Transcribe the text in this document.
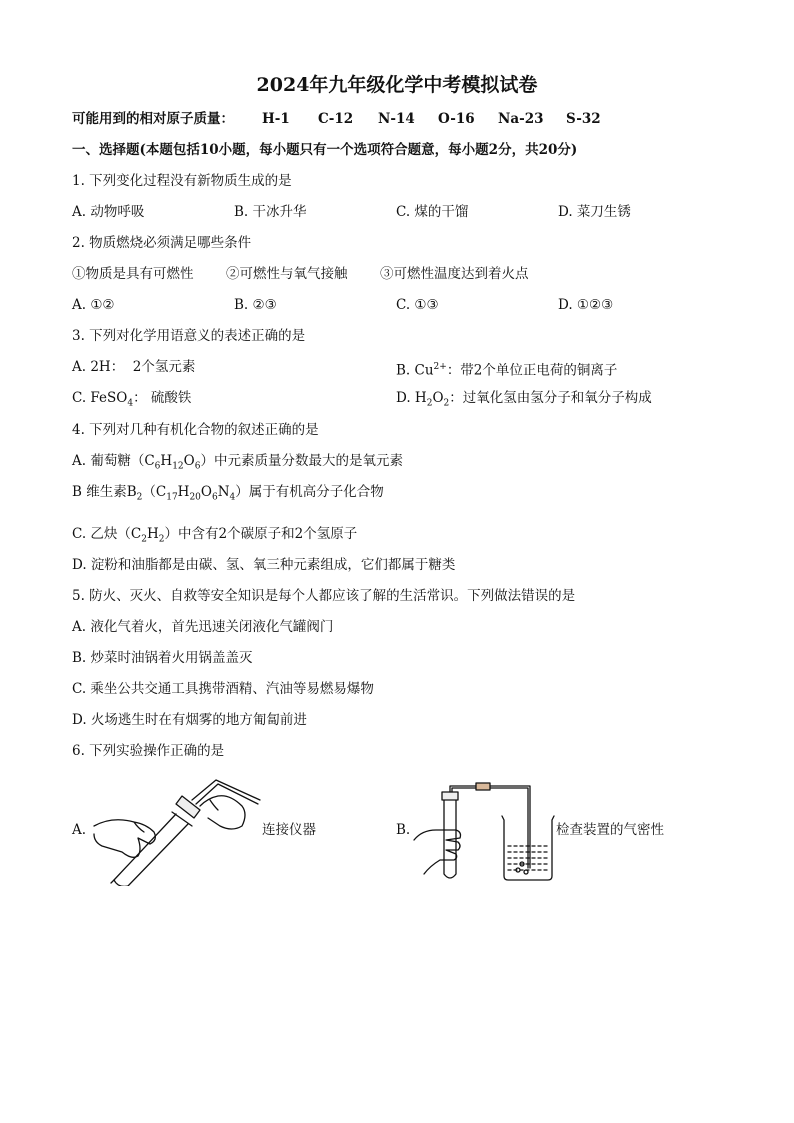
2024年九年级化学中考模拟试卷
可能用到的相对原子质量： H-1 C-12 N-14 O-16 Na-23 S-32
一、选择题(本题包括10小题，每小题只有一个选项符合题意，每小题2分，共20分)
1. 下列变化过程没有新物质生成的是
A. 动物呼吸	B. 干冰升华	C. 煤的干馏	D. 菜刀生锈
2. 物质燃烧必须满足哪些条件
①物质是具有可燃性 ②可燃性与氧气接触 ③可燃性温度达到着火点
A. ①②	B. ②③	C. ①③	D. ①②③
3. 下列对化学用语意义的表述正确的是
A. 2H： 2个氢元素	B. $Cu^{2+}$：带2个单位正电荷的铜离子
C. FeSO$_4$： 硫酸铁	D. $H_2O_2$：过氧化氢由氢分子和氧分子构成
4. 下列对几种有机化合物的叙述正确的是
A. 葡萄糖$(C_6H_{12}O_6)$中元素质量分数最大的是氧元素
B 维生素$B_2(C_{17}H_{20}O_6N_4)$属于有机高分子化合物
C. 乙炔$(C_2H_2)$中含有2个碳原子和2个氢原子
D. 淀粉和油脂都是由碳、氢、氧三种元素组成，它们都属于糖类
5. 防火、灭火、自救等安全知识是每个人都应该了解的生活常识。下列做法错误的是
A. 液化气着火，首先迅速关闭液化气罐阀门
B. 炒菜时油锅着火用锅盖盖灭
C. 乘坐公共交通工具携带酒精、汽油等易燃易爆物
D. 火场逃生时在有烟雾的地方匍匐前进
6. 下列实验操作正确的是
A.	连接仪器	B.	检查装置的气密性
